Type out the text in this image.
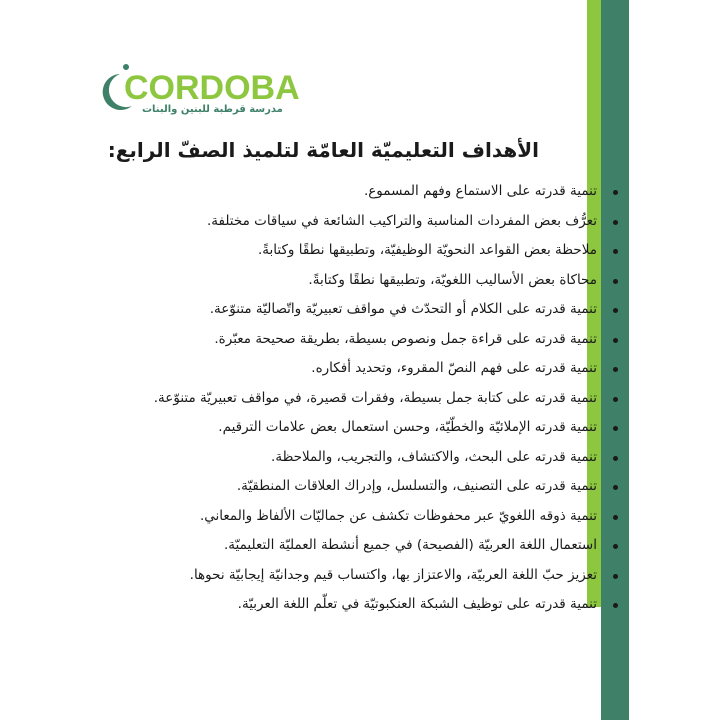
CORDOBA
مدرسة قرطبة للبنين والبنات
الأهداف التعليميّة العامّة لتلميذ الصفّ الرابع:
تنمية قدرته على الاستماع وفهم المسموع.
تعرُّف بعض المفردات المناسبة والتراكيب الشائعة في سياقات مختلفة.
ملاحظة بعض القواعد النحويّة الوظيفيّة، وتطبيقها نطقًا وكتابةً.
محاكاة بعض الأساليب اللغويّة، وتطبيقها نطقًا وكتابةً.
تنمية قدرته على الكلام أو التحدّث في مواقف تعبيريّة واتّصاليّة متنوّعة.
تنمية قدرته على قراءة جمل ونصوص بسيطة، بطريقة صحيحة معبّرة.
تنمية قدرته على فهم النصّ المقروء، وتحديد أفكاره.
تنمية قدرته على كتابة جمل بسيطة، وفقرات قصيرة، في مواقف تعبيريّة متنوّعة.
تنمية قدرته الإملائيّة والخطّيّة، وحسن استعمال بعض علامات الترقيم.
تنمية قدرته على البحث، والاكتشاف، والتجريب، والملاحظة.
تنمية قدرته على التصنيف، والتسلسل، وإدراك العلاقات المنطقيّة.
تنمية ذوقه اللغويّ عبر محفوظات تكشف عن جماليّات الألفاظ والمعاني.
استعمال اللغة العربيّة (الفصيحة) في جميع أنشطة العمليّة التعليميّة.
تعزيز حبّ اللغة العربيّة، والاعتزاز بها، واكتساب قيم وجدانيّة إيجابيّة نحوها.
تنمية قدرته على توظيف الشبكة العنكبوتيّة في تعلّم اللغة العربيّة.
